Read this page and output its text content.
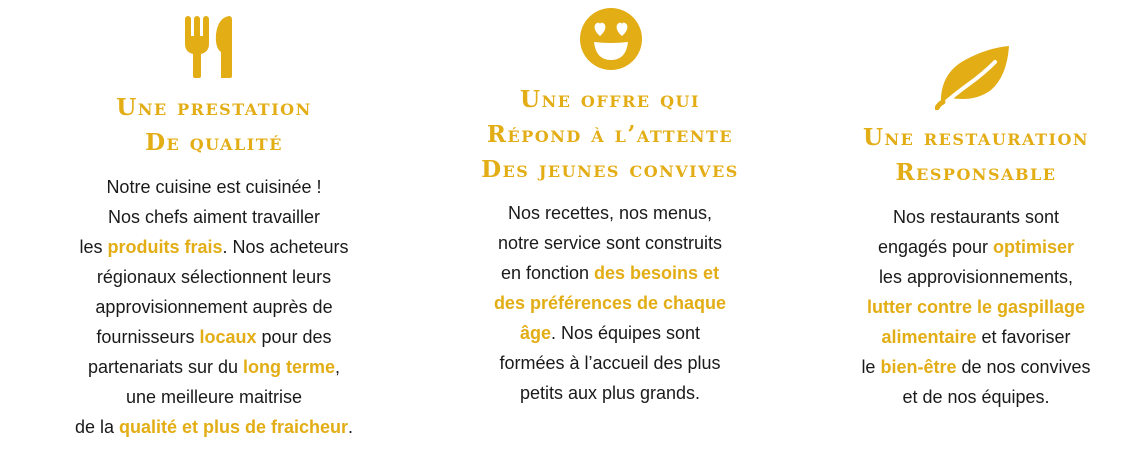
Une prestation
De qualité
Notre cuisine est cuisinée !
Nos chefs aiment travailler
les produits frais. Nos acheteurs
régionaux sélectionnent leurs
approvisionnement auprès de
fournisseurs locaux pour des
partenariats sur du long terme,
une meilleure maitrise
de la qualité et plus de fraicheur.
Une offre qui
Répond à l’attente
Des jeunes convives
Nos recettes, nos menus,
notre service sont construits
en fonction des besoins et
des préférences de chaque
âge. Nos équipes sont
formées à l’accueil des plus
petits aux plus grands.
Une restauration
Responsable
Nos restaurants sont
engagés pour optimiser
les approvisionnements,
lutter contre le gaspillage
alimentaire et favoriser
le bien-être de nos convives
et de nos équipes.
